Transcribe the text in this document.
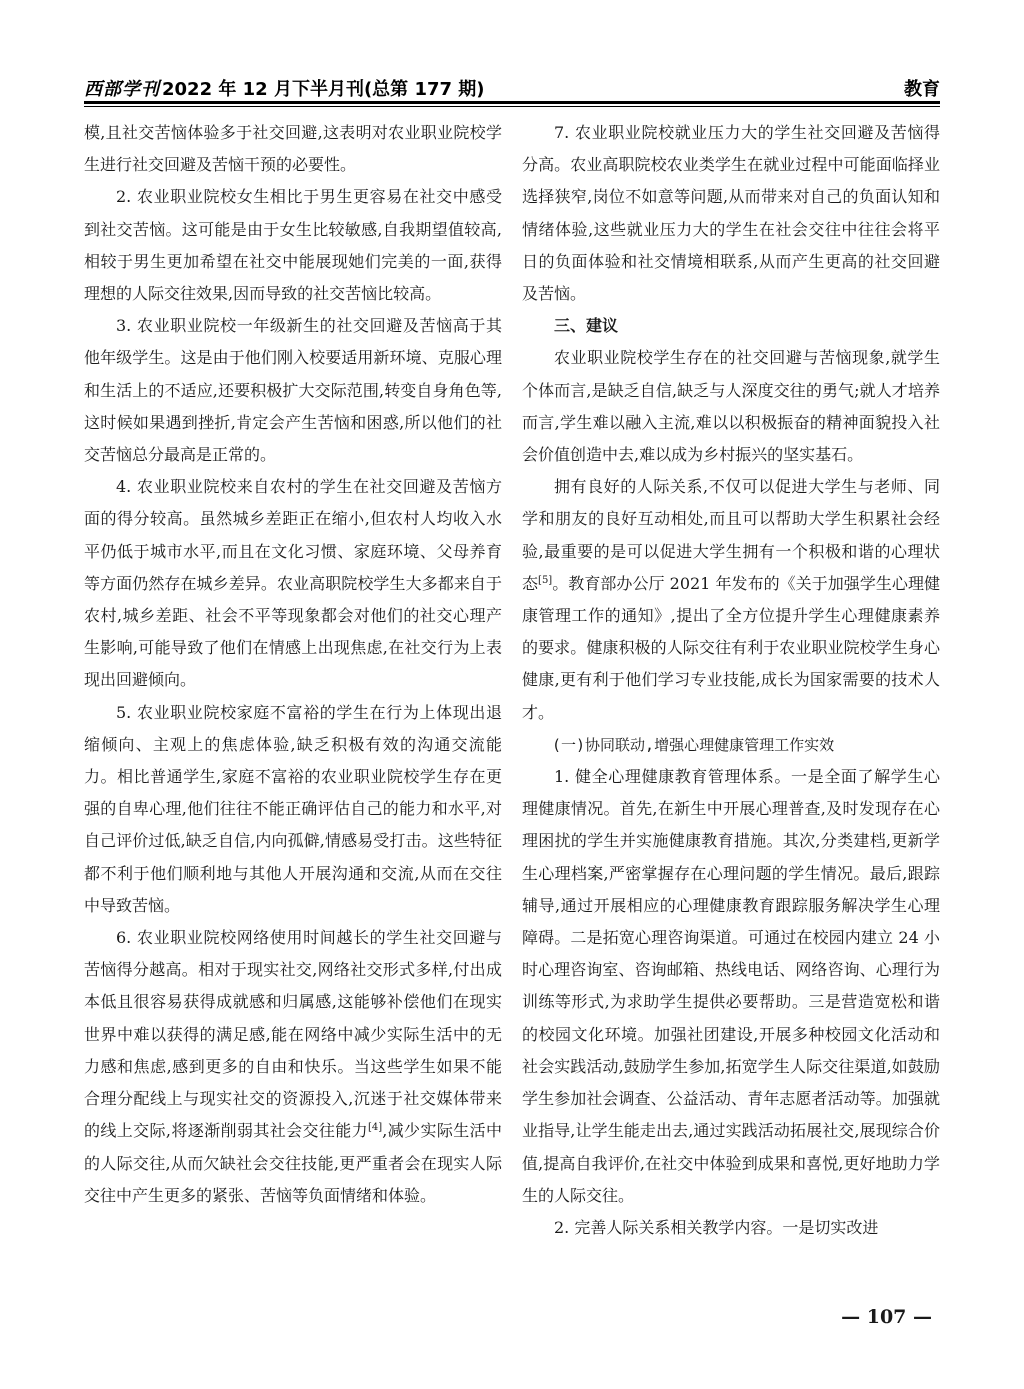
西部学刊 2022 年 12 月下半月刊(总第 177 期)	教育

模,且社交苦恼体验多于社交回避,这表明对农业职业院校学生进行社交回避及苦恼干预的必要性。

2. 农业职业院校女生相比于男生更容易在社交中感受到社交苦恼。这可能是由于女生比较敏感,自我期望值较高,相较于男生更加希望在社交中能展现她们完美的一面,获得理想的人际交往效果,因而导致的社交苦恼比较高。

3. 农业职业院校一年级新生的社交回避及苦恼高于其他年级学生。这是由于他们刚入校要适用新环境、克服心理和生活上的不适应,还要积极扩大交际范围,转变自身角色等,这时候如果遇到挫折,肯定会产生苦恼和困惑,所以他们的社交苦恼总分最高是正常的。

4. 农业职业院校来自农村的学生在社交回避及苦恼方面的得分较高。虽然城乡差距正在缩小,但农村人均收入水平仍低于城市水平,而且在文化习惯、家庭环境、父母养育等方面仍然存在城乡差异。农业高职院校学生大多都来自于农村,城乡差距、社会不平等现象都会对他们的社交心理产生影响,可能导致了他们在情感上出现焦虑,在社交行为上表现出回避倾向。

5. 农业职业院校家庭不富裕的学生在行为上体现出退缩倾向、主观上的焦虑体验,缺乏积极有效的沟通交流能力。相比普通学生,家庭不富裕的农业职业院校学生存在更强的自卑心理,他们往往不能正确评估自己的能力和水平,对自己评价过低,缺乏自信,内向孤僻,情感易受打击。这些特征都不利于他们顺利地与其他人开展沟通和交流,从而在交往中导致苦恼。

6. 农业职业院校网络使用时间越长的学生社交回避与苦恼得分越高。相对于现实社交,网络社交形式多样,付出成本低且很容易获得成就感和归属感,这能够补偿他们在现实世界中难以获得的满足感,能在网络中减少实际生活中的无力感和焦虑,感到更多的自由和快乐。当这些学生如果不能合理分配线上与现实社交的资源投入,沉迷于社交媒体带来的线上交际,将逐渐削弱其社会交往能力[4],减少实际生活中的人际交往,从而欠缺社会交往技能,更严重者会在现实人际交往中产生更多的紧张、苦恼等负面情绪和体验。

7. 农业职业院校就业压力大的学生社交回避及苦恼得分高。农业高职院校农业类学生在就业过程中可能面临择业选择狭窄,岗位不如意等问题,从而带来对自己的负面认知和情绪体验,这些就业压力大的学生在社会交往中往往会将平日的负面体验和社交情境相联系,从而产生更高的社交回避及苦恼。

三、建议

农业职业院校学生存在的社交回避与苦恼现象,就学生个体而言,是缺乏自信,缺乏与人深度交往的勇气;就人才培养而言,学生难以融入主流,难以以积极振奋的精神面貌投入社会价值创造中去,难以成为乡村振兴的坚实基石。

拥有良好的人际关系,不仅可以促进大学生与老师、同学和朋友的良好互动相处,而且可以帮助大学生积累社会经验,最重要的是可以促进大学生拥有一个积极和谐的心理状态[5]。教育部办公厅 2021 年发布的《关于加强学生心理健康管理工作的通知》,提出了全方位提升学生心理健康素养的要求。健康积极的人际交往有利于农业职业院校学生身心健康,更有利于他们学习专业技能,成长为国家需要的技术人才。

(一)协同联动,增强心理健康管理工作实效

1. 健全心理健康教育管理体系。一是全面了解学生心理健康情况。首先,在新生中开展心理普查,及时发现存在心理困扰的学生并实施健康教育措施。其次,分类建档,更新学生心理档案,严密掌握存在心理问题的学生情况。最后,跟踪辅导,通过开展相应的心理健康教育跟踪服务解决学生心理障碍。二是拓宽心理咨询渠道。可通过在校园内建立 24 小时心理咨询室、咨询邮箱、热线电话、网络咨询、心理行为训练等形式,为求助学生提供必要帮助。三是营造宽松和谐的校园文化环境。加强社团建设,开展多种校园文化活动和社会实践活动,鼓励学生参加,拓宽学生人际交往渠道,如鼓励学生参加社会调查、公益活动、青年志愿者活动等。加强就业指导,让学生能走出去,通过实践活动拓展社交,展现综合价值,提高自我评价,在社交中体验到成果和喜悦,更好地助力学生的人际交往。

2. 完善人际关系相关教学内容。一是切实改进

— 107 —
